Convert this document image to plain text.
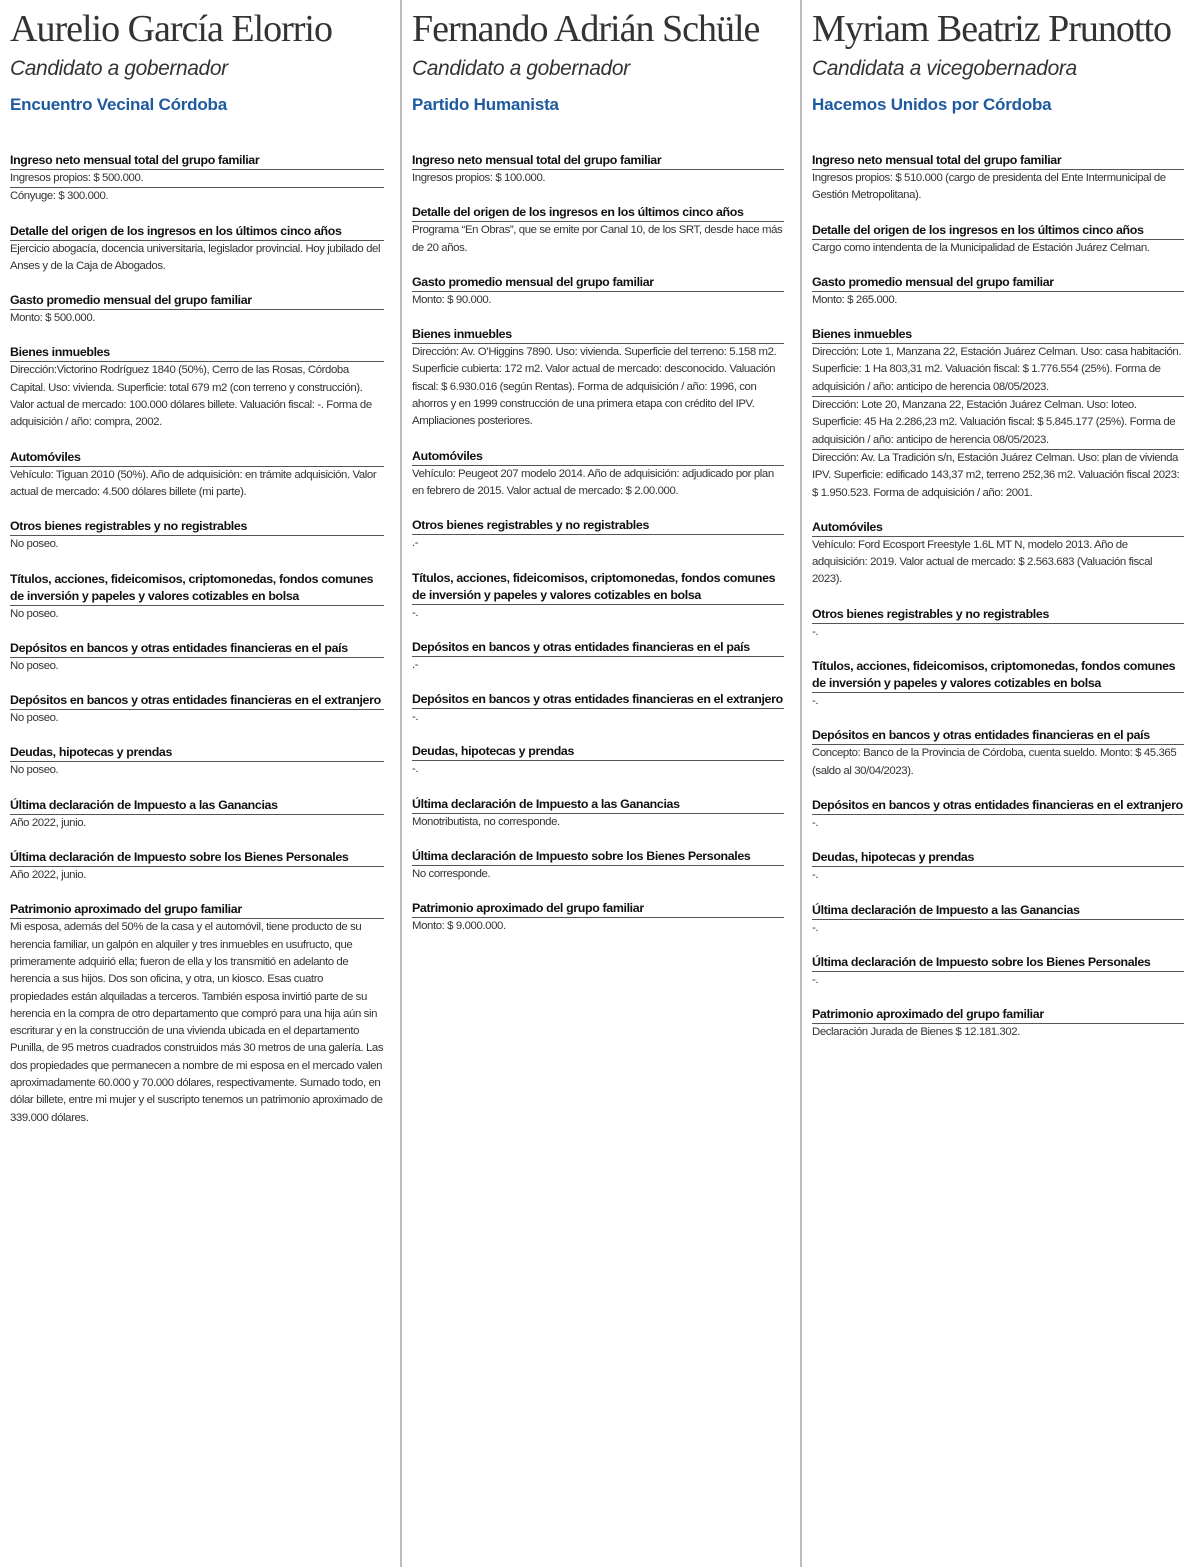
Aurelio García Elorrio
Candidato a gobernador
Encuentro Vecinal Córdoba
Ingreso neto mensual total del grupo familiar
Ingresos propios: $ 500.000.
Cónyuge: $ 300.000.
Detalle del origen de los ingresos en los últimos cinco años
Ejercicio abogacía, docencia universitaria, legislador provincial. Hoy jubilado del Anses y de la Caja de Abogados.
Gasto promedio mensual del grupo familiar
Monto: $ 500.000.
Bienes inmuebles
Dirección:Victorino Rodríguez 1840 (50%), Cerro de las Rosas, Córdoba Capital. Uso: vivienda. Superficie: total 679 m2 (con terreno y construcción). Valor actual de mercado: 100.000 dólares billete. Valuación fiscal: -. Forma de adquisición / año: compra, 2002.
Automóviles
Vehículo: Tiguan 2010 (50%). Año de adquisición: en trámite adquisición. Valor actual de mercado: 4.500 dólares billete (mi parte).
Otros bienes registrables y no registrables
No poseo.
Títulos, acciones, fideicomisos, criptomonedas, fondos comunes de inversión y papeles y valores cotizables en bolsa
No poseo.
Depósitos en bancos y otras entidades financieras en el país
No poseo.
Depósitos en bancos y otras entidades financieras en el extranjero
No poseo.
Deudas, hipotecas y prendas
No poseo.
Última declaración de Impuesto a las Ganancias
Año 2022, junio.
Última declaración de Impuesto sobre los Bienes Personales
Año 2022, junio.
Patrimonio aproximado del grupo familiar
Mi esposa, además del 50% de la casa y el automóvil, tiene producto de su herencia familiar, un galpón en alquiler y tres inmuebles en usufructo, que primeramente adquirió ella; fueron de ella y los transmitió en adelanto de herencia a sus hijos. Dos son oficina, y otra, un kiosco. Esas cuatro propiedades están alquiladas a terceros. También esposa invirtió parte de su herencia en la compra de otro departamento que compró para una hija aún sin escriturar y en la construcción de una vivienda ubicada en el departamento Punilla, de 95 metros cuadrados construidos más 30 metros de una galería. Las dos propiedades que permanecen a nombre de mi esposa en el mercado valen aproximadamente 60.000 y 70.000 dólares, respectivamente. Sumado todo, en dólar billete, entre mi mujer y el suscripto tenemos un patrimonio aproximado de 339.000 dólares.
Fernando Adrián Schüle
Candidato a gobernador
Partido Humanista
Ingreso neto mensual total del grupo familiar
Ingresos propios: $ 100.000.
Detalle del origen de los ingresos en los últimos cinco años
Programa “En Obras”, que se emite por Canal 10, de los SRT, desde hace más de 20 años.
Gasto promedio mensual del grupo familiar
Monto: $ 90.000.
Bienes inmuebles
Dirección: Av. O’Higgins 7890. Uso: vivienda. Superficie del terreno: 5.158 m2. Superficie cubierta: 172 m2. Valor actual de mercado: desconocido. Valuación fiscal: $ 6.930.016 (según Rentas). Forma de adquisición / año: 1996, con ahorros y en 1999 construcción de una primera etapa con crédito del IPV. Ampliaciones posteriores.
Automóviles
Vehículo: Peugeot 207 modelo 2014. Año de adquisición: adjudicado por plan en febrero de 2015. Valor actual de mercado: $ 2.00.000.
Otros bienes registrables y no registrables
.-
Títulos, acciones, fideicomisos, criptomonedas, fondos comunes de inversión y papeles y valores cotizables en bolsa
-.
Depósitos en bancos y otras entidades financieras en el país
.-
Depósitos en bancos y otras entidades financieras en el extranjero
-.
Deudas, hipotecas y prendas
-.
Última declaración de Impuesto a las Ganancias
Monotributista, no corresponde.
Última declaración de Impuesto sobre los Bienes Personales
No corresponde.
Patrimonio aproximado del grupo familiar
Monto: $ 9.000.000.
Myriam Beatriz Prunotto
Candidata a vicegobernadora
Hacemos Unidos por Córdoba
Ingreso neto mensual total del grupo familiar
Ingresos propios: $ 510.000 (cargo de presidenta del Ente Intermunicipal de Gestión Metropolitana).
Detalle del origen de los ingresos en los últimos cinco años
Cargo como intendenta de la Municipalidad de Estación Juárez Celman.
Gasto promedio mensual del grupo familiar
Monto: $ 265.000.
Bienes inmuebles
Dirección: Lote 1, Manzana 22, Estación Juárez Celman. Uso: casa habitación. Superficie: 1 Ha 803,31 m2. Valuación fiscal: $ 1.776.554 (25%). Forma de adquisición / año: anticipo de herencia 08/05/2023.
Dirección: Lote 20, Manzana 22, Estación Juárez Celman. Uso: loteo. Superficie: 45 Ha 2.286,23 m2. Valuación fiscal: $ 5.845.177 (25%). Forma de adquisición / año: anticipo de herencia 08/05/2023.
Dirección: Av. La Tradición s/n, Estación Juárez Celman. Uso: plan de vivienda IPV. Superficie: edificado 143,37 m2, terreno 252,36 m2. Valuación fiscal 2023: $ 1.950.523. Forma de adquisición / año: 2001.
Automóviles
Vehículo: Ford Ecosport Freestyle 1.6L MT N, modelo 2013. Año de adquisición: 2019. Valor actual de mercado: $ 2.563.683 (Valuación fiscal 2023).
Otros bienes registrables y no registrables
-.
Títulos, acciones, fideicomisos, criptomonedas, fondos comunes de inversión y papeles y valores cotizables en bolsa
-.
Depósitos en bancos y otras entidades financieras en el país
Concepto: Banco de la Provincia de Córdoba, cuenta sueldo. Monto: $ 45.365 (saldo al 30/04/2023).
Depósitos en bancos y otras entidades financieras en el extranjero
-.
Deudas, hipotecas y prendas
-.
Última declaración de Impuesto a las Ganancias
-.
Última declaración de Impuesto sobre los Bienes Personales
-.
Patrimonio aproximado del grupo familiar
Declaración Jurada de Bienes $ 12.181.302.
